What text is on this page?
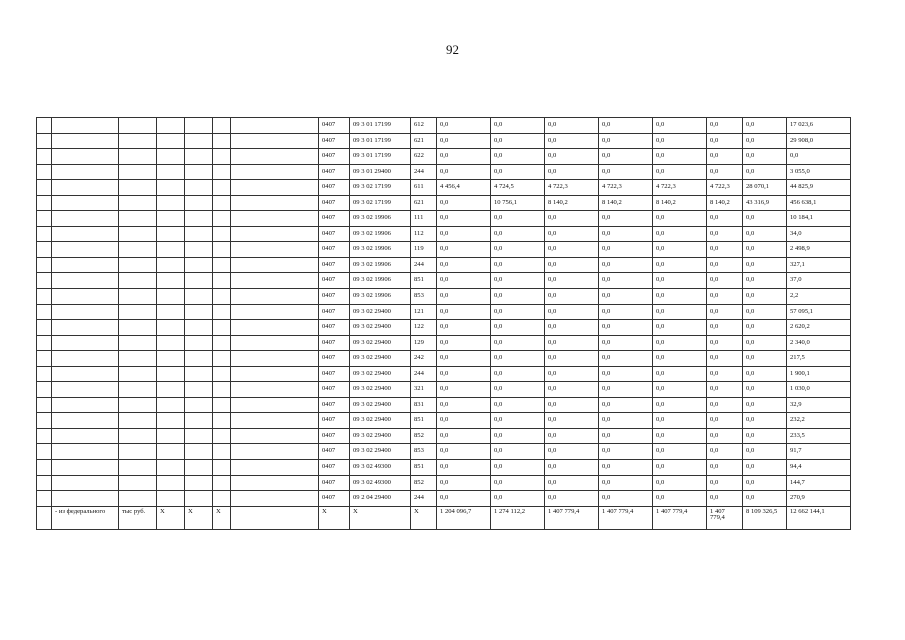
92
							0407	09 3 01 17199	612	0,0	0,0	0,0	0,0	0,0	0,0	0,0	17 023,6
							0407	09 3 01 17199	621	0,0	0,0	0,0	0,0	0,0	0,0	0,0	29 908,0
							0407	09 3 01 17199	622	0,0	0,0	0,0	0,0	0,0	0,0	0,0	0,0
							0407	09 3 01 29400	244	0,0	0,0	0,0	0,0	0,0	0,0	0,0	3 055,0
							0407	09 3 02 17199	611	4 456,4	4 724,5	4 722,3	4 722,3	4 722,3	4 722,3	28 070,1	44 825,9
							0407	09 3 02 17199	621	0,0	10 756,1	8 140,2	8 140,2	8 140,2	8 140,2	43 316,9	456 638,1
							0407	09 3 02 19906	111	0,0	0,0	0,0	0,0	0,0	0,0	0,0	10 184,1
							0407	09 3 02 19906	112	0,0	0,0	0,0	0,0	0,0	0,0	0,0	34,0
							0407	09 3 02 19906	119	0,0	0,0	0,0	0,0	0,0	0,0	0,0	2 498,9
							0407	09 3 02 19906	244	0,0	0,0	0,0	0,0	0,0	0,0	0,0	327,1
							0407	09 3 02 19906	851	0,0	0,0	0,0	0,0	0,0	0,0	0,0	37,0
							0407	09 3 02 19906	853	0,0	0,0	0,0	0,0	0,0	0,0	0,0	2,2
							0407	09 3 02 29400	121	0,0	0,0	0,0	0,0	0,0	0,0	0,0	57 095,1
							0407	09 3 02 29400	122	0,0	0,0	0,0	0,0	0,0	0,0	0,0	2 620,2
							0407	09 3 02 29400	129	0,0	0,0	0,0	0,0	0,0	0,0	0,0	2 340,0
							0407	09 3 02 29400	242	0,0	0,0	0,0	0,0	0,0	0,0	0,0	217,5
							0407	09 3 02 29400	244	0,0	0,0	0,0	0,0	0,0	0,0	0,0	1 900,1
							0407	09 3 02 29400	321	0,0	0,0	0,0	0,0	0,0	0,0	0,0	1 030,0
							0407	09 3 02 29400	831	0,0	0,0	0,0	0,0	0,0	0,0	0,0	32,9
							0407	09 3 02 29400	851	0,0	0,0	0,0	0,0	0,0	0,0	0,0	232,2
							0407	09 3 02 29400	852	0,0	0,0	0,0	0,0	0,0	0,0	0,0	233,5
							0407	09 3 02 29400	853	0,0	0,0	0,0	0,0	0,0	0,0	0,0	91,7
							0407	09 3 02 49300	851	0,0	0,0	0,0	0,0	0,0	0,0	0,0	94,4
							0407	09 3 02 49300	852	0,0	0,0	0,0	0,0	0,0	0,0	0,0	144,7
							0407	09 2 04 29400	244	0,0	0,0	0,0	0,0	0,0	0,0	0,0	270,9
	- из федерального	тыс руб.	Х	Х	Х		Х	Х	Х	1 204 096,7	1 274 112,2	1 407 779,4	1 407 779,4	1 407 779,4	1 407 779,4	8 109 326,5	12 662 144,1
